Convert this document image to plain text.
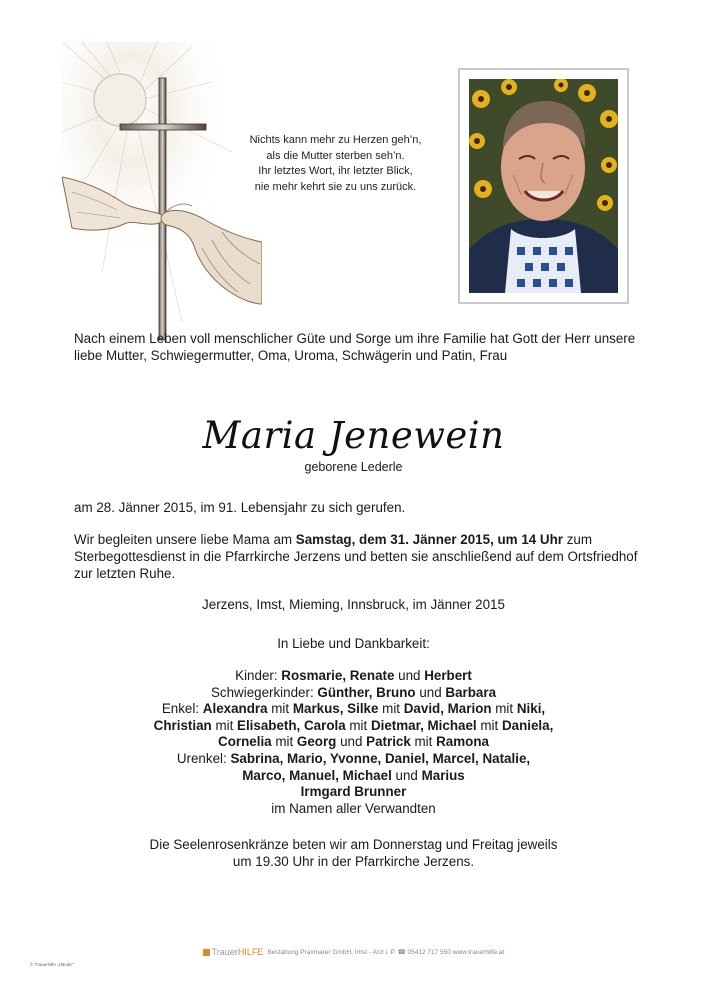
Nichts kann mehr zu Herzen geh’n,
als die Mutter sterben seh’n.
Ihr letztes Wort, ihr letzter Blick,
nie mehr kehrt sie zu uns zurück.
Nach einem Leben voll menschlicher Güte und Sorge um ihre Familie hat Gott der Herr unsere liebe Mutter, Schwiegermutter, Oma, Uroma, Schwägerin und Patin, Frau
Maria Jenewein
geborene Lederle
am 28. Jänner 2015, im 91. Lebensjahr zu sich gerufen.
Wir begleiten unsere liebe Mama am Samstag, dem 31. Jänner 2015, um 14 Uhr zum Sterbegottesdienst in die Pfarrkirche Jerzens und betten sie anschließend auf dem Ortsfriedhof zur letzten Ruhe.
Jerzens, Imst, Mieming, Innsbruck, im Jänner 2015
In Liebe und Dankbarkeit:
Kinder: Rosmarie, Renate und Herbert
Schwiegerkinder: Günther, Bruno und Barbara
Enkel: Alexandra mit Markus, Silke mit David, Marion mit Niki,
Christian mit Elisabeth, Carola mit Dietmar, Michael mit Daniela,
Cornelia mit Georg und Patrick mit Ramona
Urenkel: Sabrina, Mario, Yvonne, Daniel, Marcel, Natalie,
Marco, Manuel, Michael und Marius
Irmgard Brunner
im Namen aller Verwandten
Die Seelenrosenkränze beten wir am Donnerstag und Freitag jeweils
um 19.30 Uhr in der Pfarrkirche Jerzens.
TrauerHILFE Bestattung Praxmarer GmbH, Imst - Arzl i. P. ☎ 05412 717 550 www.trauerhilfe.at
© Trauerhilfe „Hände“
